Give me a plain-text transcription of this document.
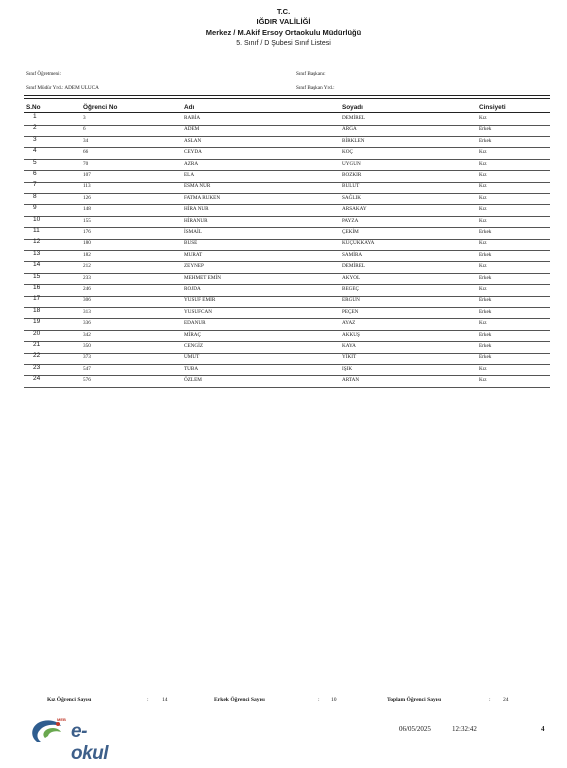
T.C.
IĞDIR VALİLİĞİ
Merkez / M.Akif Ersoy Ortaokulu Müdürlüğü
5. Sınıf / D Şubesi Sınıf Listesi
Sınıf Öğretmeni:	Sınıf Başkanı:
Sınıf Müdür Yrd.: ADEM ULUCA	Sınıf Başkan Yrd.:
S.No	Öğrenci No	Adı	Soyadı	Cinsiyeti
1	3	RABİA	DEMİREL	Kız
2	6	ADEM	ARGA	Erkek
3	34	ASLAN	BİRKLEN	Erkek
4	66	CEYDA	KOÇ	Kız
5	70	AZRA	UYGUN	Kız
6	107	ELA	BOZKIR	Kız
7	113	ESMA NUR	BULUT	Kız
8	126	FATMA RUKEN	SAĞLIK	Kız
9	148	HİRA NUR	ARSAKAY	Kız
10	155	HİRANUR	PAYZA	Kız
11	176	İSMAİL	ÇEKİM	Erkek
12	180	BUSE	KÜÇÜKKAYA	Kız
13	182	MURAT	SAMİRA	Erkek
14	212	ZEYNEP	DEMİREL	Kız
15	233	MEHMET EMİN	AKYOL	Erkek
16	246	ROJDA	BEGEÇ	Kız
17	306	YUSUF EMİR	ERGÜN	Erkek
18	313	YUSUFCAN	PEÇEN	Erkek
19	336	EDANUR	AYAZ	Kız
20	342	MİRAÇ	AKKUŞ	Erkek
21	350	CENGİZ	KAYA	Erkek
22	373	UMUT	YİKİT	Erkek
23	547	TUBA	IŞIK	Kız
24	576	ÖZLEM	ARTAN	Kız
Kız Öğrenci Sayısı	: 14	Erkek Öğrenci Sayısı	: 10	Toplam Öğrenci Sayısı	: 24
MEB
e-okul
06/05/2025	12:32:42	4
